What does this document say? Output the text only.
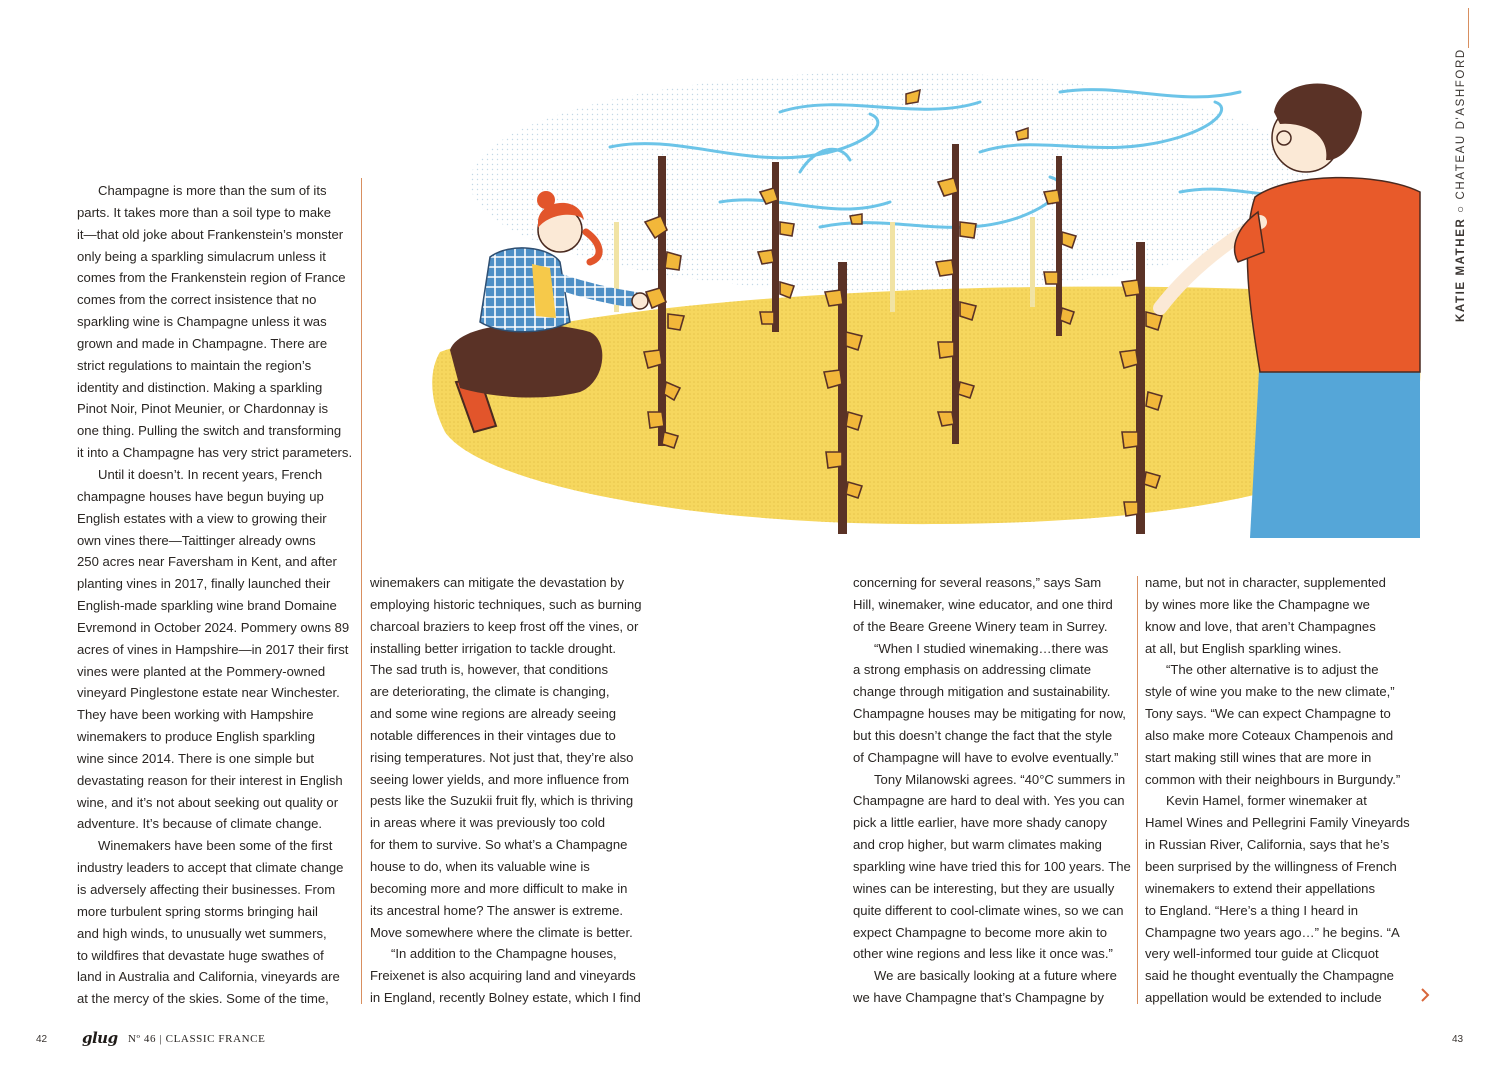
KATIE MATHER ○ CHATEAU D'ASHFORD

Champagne is more than the sum of its
parts. It takes more than a soil type to make
it—that old joke about Frankenstein’s monster
only being a sparkling simulacrum unless it
comes from the Frankenstein region of France
comes from the correct insistence that no
sparkling wine is Champagne unless it was
grown and made in Champagne. There are
strict regulations to maintain the region’s
identity and distinction. Making a sparkling
Pinot Noir, Pinot Meunier, or Chardonnay is
one thing. Pulling the switch and transforming
it into a Champagne has very strict parameters.

Until it doesn’t. In recent years, French
champagne houses have begun buying up
English estates with a view to growing their
own vines there—Taittinger already owns
250 acres near Faversham in Kent, and after
planting vines in 2017, finally launched their
English-made sparkling wine brand Domaine
Evremond in October 2024. Pommery owns 89
acres of vines in Hampshire—in 2017 their first
vines were planted at the Pommery-owned
vineyard Pinglestone estate near Winchester.
They have been working with Hampshire
winemakers to produce English sparkling
wine since 2014. There is one simple but
devastating reason for their interest in English
wine, and it’s not about seeking out quality or
adventure. It’s because of climate change.

Winemakers have been some of the first
industry leaders to accept that climate change
is adversely affecting their businesses. From
more turbulent spring storms bringing hail
and high winds, to unusually wet summers,
to wildfires that devastate huge swathes of
land in Australia and California, vineyards are
at the mercy of the skies. Some of the time,

winemakers can mitigate the devastation by
employing historic techniques, such as burning
charcoal braziers to keep frost off the vines, or
installing better irrigation to tackle drought.
The sad truth is, however, that conditions
are deteriorating, the climate is changing,
and some wine regions are already seeing
notable differences in their vintages due to
rising temperatures. Not just that, they’re also
seeing lower yields, and more influence from
pests like the Suzukii fruit fly, which is thriving
in areas where it was previously too cold
for them to survive. So what’s a Champagne
house to do, when its valuable wine is
becoming more and more difficult to make in
its ancestral home? The answer is extreme.
Move somewhere where the climate is better.

“In addition to the Champagne houses,
Freixenet is also acquiring land and vineyards
in England, recently Bolney estate, which I find

concerning for several reasons,” says Sam
Hill, winemaker, wine educator, and one third
of the Beare Greene Winery team in Surrey.

“When I studied winemaking…there was
a strong emphasis on addressing climate
change through mitigation and sustainability.
Champagne houses may be mitigating for now,
but this doesn’t change the fact that the style
of Champagne will have to evolve eventually.”

Tony Milanowski agrees. “40°C summers in
Champagne are hard to deal with. Yes you can
pick a little earlier, have more shady canopy
and crop higher, but warm climates making
sparkling wine have tried this for 100 years. The
wines can be interesting, but they are usually
quite different to cool-climate wines, so we can
expect Champagne to become more akin to
other wine regions and less like it once was.”

We are basically looking at a future where
we have Champagne that’s Champagne by

name, but not in character, supplemented
by wines more like the Champagne we
know and love, that aren’t Champagnes
at all, but English sparkling wines.

“The other alternative is to adjust the
style of wine you make to the new climate,”
Tony says. “We can expect Champagne to
also make more Coteaux Champenois and
start making still wines that are more in
common with their neighbours in Burgundy.”

Kevin Hamel, former winemaker at
Hamel Wines and Pellegrini Family Vineyards
in Russian River, California, says that he’s
been surprised by the willingness of French
winemakers to extend their appellations
to England. “Here’s a thing I heard in
Champagne two years ago…” he begins. “A
very well-informed tour guide at Clicquot
said he thought eventually the Champagne
appellation would be extended to include

42 glug Nº 46 | CLASSIC FRANCE	43
